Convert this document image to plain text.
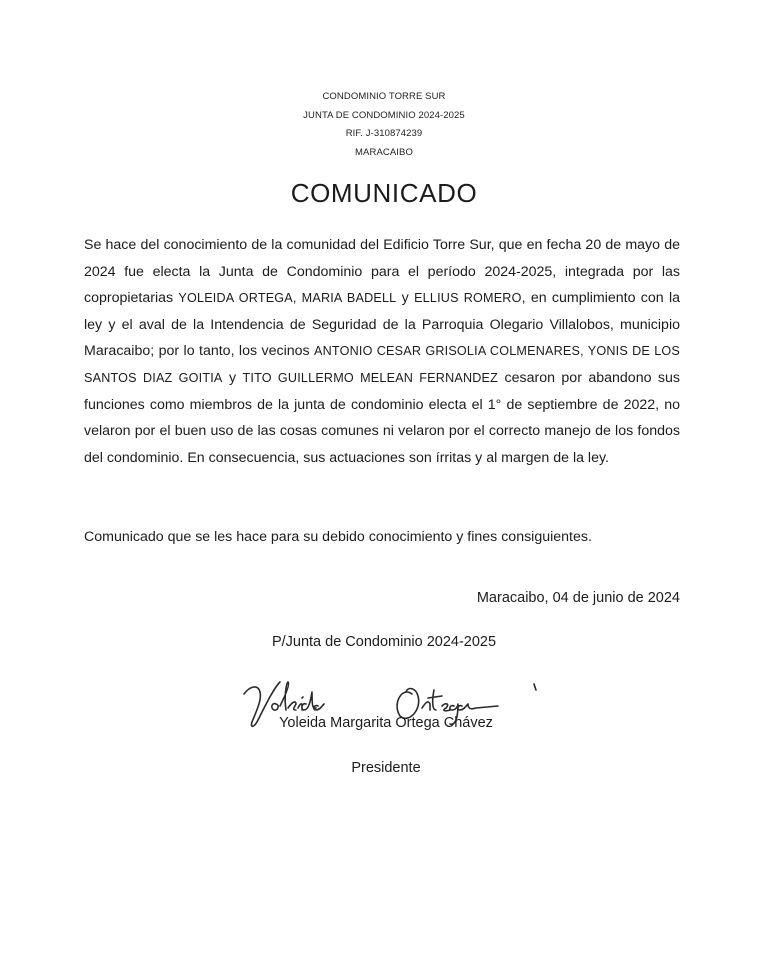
CONDOMINIO TORRE SUR
JUNTA DE CONDOMINIO 2024-2025
RIF. J-310874239
MARACAIBO
COMUNICADO
Se hace del conocimiento de la comunidad del Edificio Torre Sur, que en fecha 20 de mayo de 2024 fue electa la Junta de Condominio para el período 2024-2025, integrada por las copropietarias YOLEIDA ORTEGA, MARIA BADELL y ELLIUS ROMERO, en cumplimiento con la ley y el aval de la Intendencia de Seguridad de la Parroquia Olegario Villalobos, municipio Maracaibo; por lo tanto, los vecinos ANTONIO CESAR GRISOLIA COLMENARES, YONIS DE LOS SANTOS DIAZ GOITIA y TITO GUILLERMO MELEAN FERNANDEZ cesaron por abandono sus funciones como miembros de la junta de condominio electa el 1° de septiembre de 2022, no velaron por el buen uso de las cosas comunes ni velaron por el correcto manejo de los fondos del condominio. En consecuencia, sus actuaciones son írritas y al margen de la ley.
Comunicado que se les hace para su debido conocimiento y fines consiguientes.
Maracaibo, 04 de junio de 2024
P/Junta de Condominio 2024-2025
Yoleida Margarita Ortega Chávez
Presidente
